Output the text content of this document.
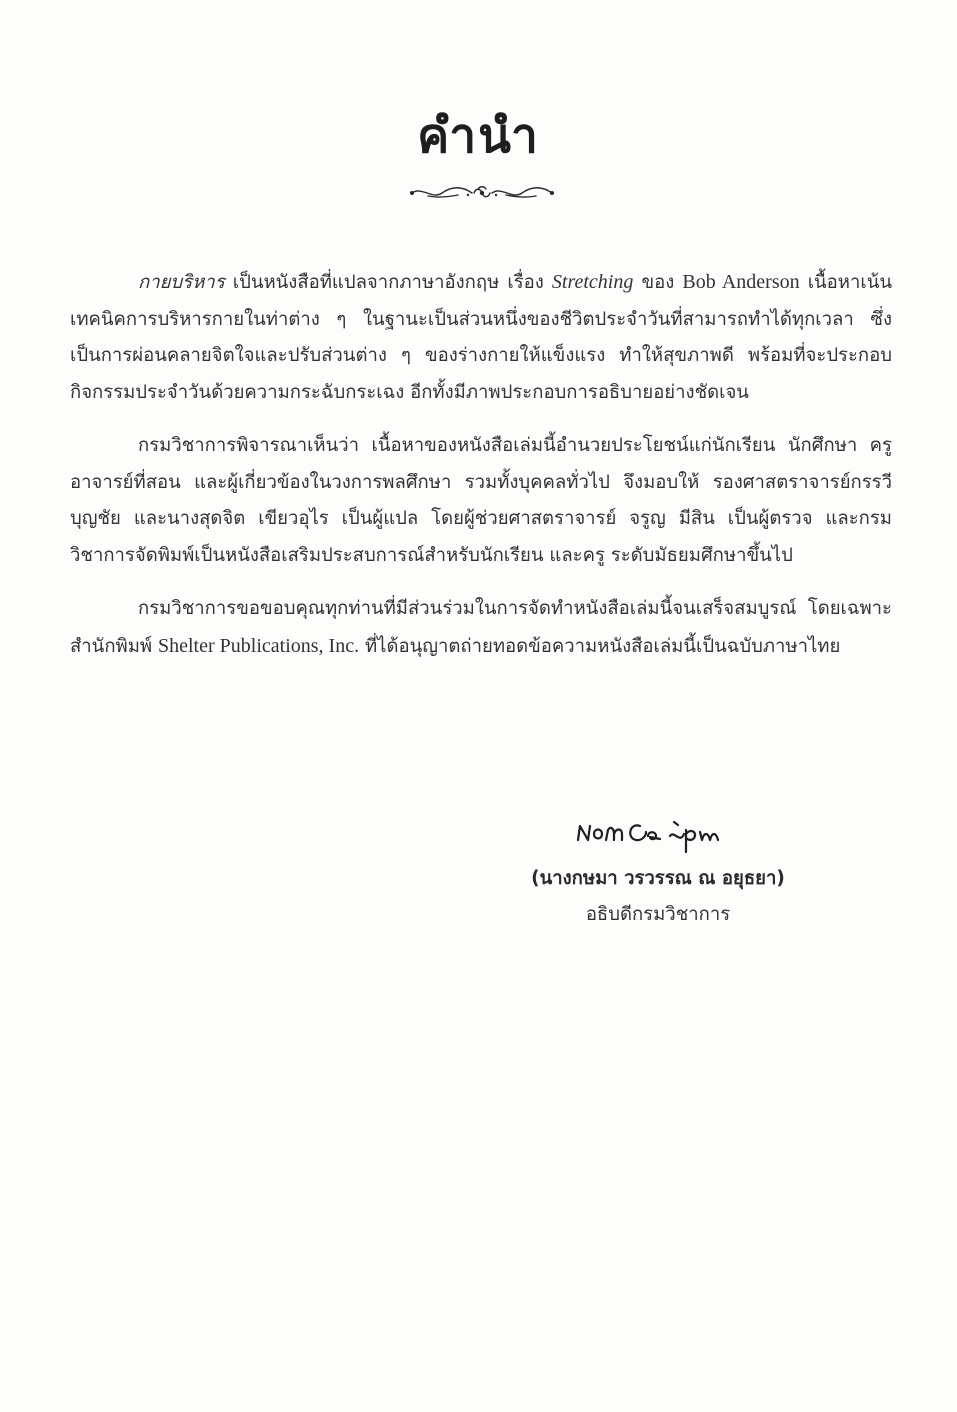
คำนำ

กายบริหาร เป็นหนังสือที่แปลจากภาษาอังกฤษ เรื่อง Stretching ของ Bob Anderson เนื้อหาเน้นเทคนิคการบริหารกายในท่าต่าง ๆ ในฐานะเป็นส่วนหนึ่งของชีวิตประจำวันที่สามารถทำได้ทุกเวลา ซึ่งเป็นการผ่อนคลายจิตใจและปรับส่วนต่าง ๆ ของร่างกายให้แข็งแรง ทำให้สุขภาพดี พร้อมที่จะประกอบกิจกรรมประจำวันด้วยความกระฉับกระเฉง อีกทั้งมีภาพประกอบการอธิบายอย่างชัดเจน

กรมวิชาการพิจารณาเห็นว่า เนื้อหาของหนังสือเล่มนี้อำนวยประโยชน์แก่นักเรียน นักศึกษา ครู อาจารย์ที่สอน และผู้เกี่ยวข้องในวงการพลศึกษา รวมทั้งบุคคลทั่วไป จึงมอบให้ รองศาสตราจารย์กรรวี บุญชัย และนางสุดจิต เขียวอุไร เป็นผู้แปล โดยผู้ช่วยศาสตราจารย์ จรูญ มีสิน เป็นผู้ตรวจ และกรมวิชาการจัดพิมพ์เป็นหนังสือเสริมประสบการณ์สำหรับนักเรียน และครู ระดับมัธยมศึกษาขึ้นไป

กรมวิชาการขอขอบคุณทุกท่านที่มีส่วนร่วมในการจัดทำหนังสือเล่มนี้จนเสร็จสมบูรณ์ โดยเฉพาะสำนักพิมพ์ Shelter Publications, Inc. ที่ได้อนุญาตถ่ายทอดข้อความหนังสือเล่มนี้เป็นฉบับภาษาไทย

(นางกษมา วรวรรณ ณ อยุธยา)
อธิบดีกรมวิชาการ
